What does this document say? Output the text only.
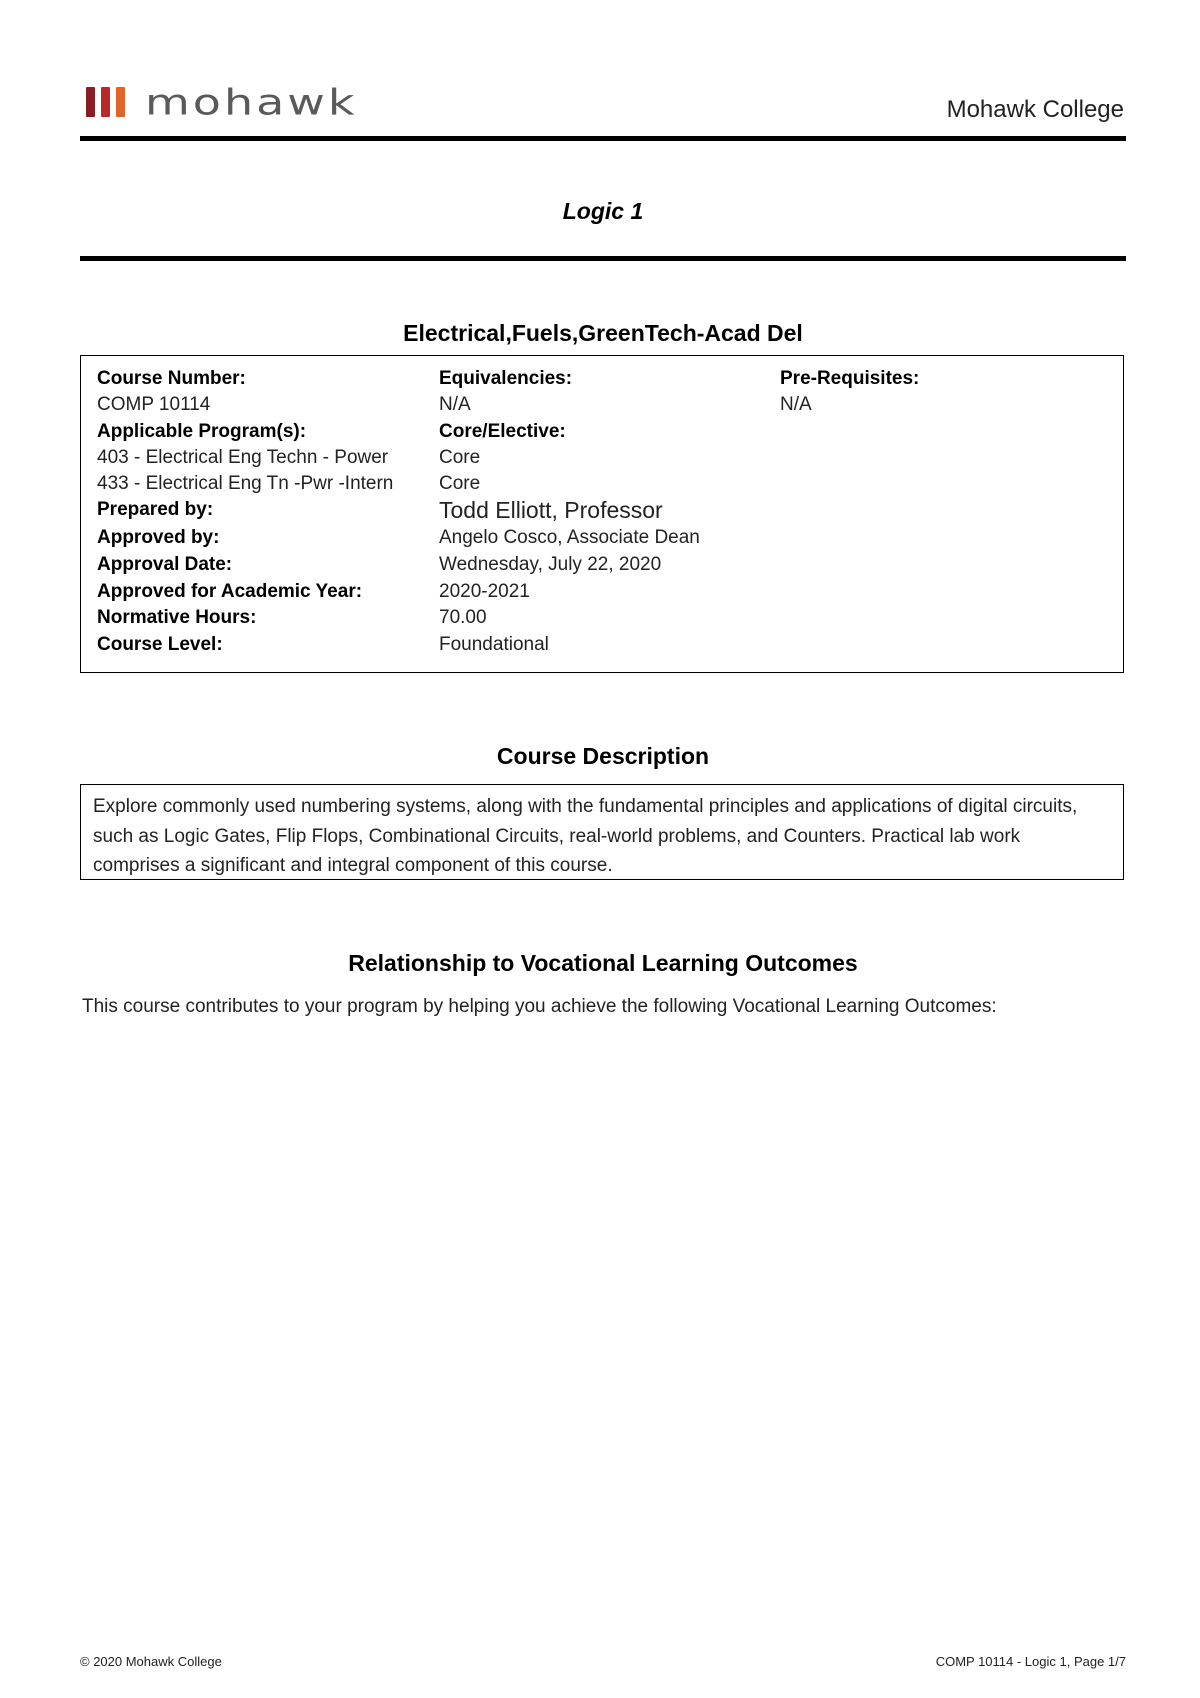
mohawk	Mohawk College
Logic 1
Electrical,Fuels,GreenTech-Acad Del
Course Number:
COMP 10114
Applicable Program(s):
403 - Electrical Eng Techn - Power
433 - Electrical Eng Tn -Pwr -Intern
Prepared by:
Approved by:
Approval Date:
Approved for Academic Year:
Normative Hours:
Course Level:
Equivalencies:
N/A
Core/Elective:
Core
Core
Todd Elliott, Professor
Angelo Cosco, Associate Dean
Wednesday, July 22, 2020
2020-2021
70.00
Foundational
Pre-Requisites:
N/A
Course Description
Explore commonly used numbering systems, along with the fundamental principles and applications of digital circuits, such as Logic Gates, Flip Flops, Combinational Circuits, real-world problems, and Counters. Practical lab work comprises a significant and integral component of this course.
Relationship to Vocational Learning Outcomes
This course contributes to your program by helping you achieve the following Vocational Learning Outcomes:
© 2020 Mohawk College	COMP 10114 - Logic 1, Page 1/7
